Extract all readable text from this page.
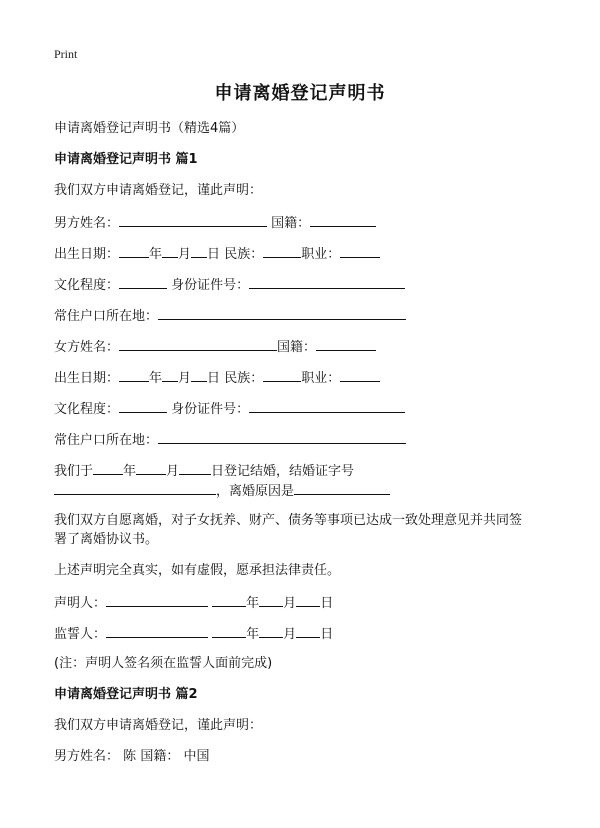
Print
申请离婚登记声明书
申请离婚登记声明书（精选4篇）
申请离婚登记声明书 篇1
我们双方申请离婚登记，谨此声明：
男方姓名：	国籍：
出生日期： 年 月 日 民族：	职业：
文化程度：	身份证件号：
常住户口所在地：
女方姓名：	国籍：
出生日期： 年 月 日 民族：	职业：
文化程度：	身份证件号：
常住户口所在地：
我们于 年 月 日登记结婚，结婚证字号
，离婚原因是
我们双方自愿离婚，对子女抚养、财产、债务等事项已达成一致处理意见并共同签
署了离婚协议书。
上述声明完全真实，如有虚假，愿承担法律责任。
声明人：	年 月 日
监誓人：	年 月 日
(注：声明人签名须在监誓人面前完成)
申请离婚登记声明书 篇2
我们双方申请离婚登记，谨此声明：
男方姓名： 陈 国籍： 中国
